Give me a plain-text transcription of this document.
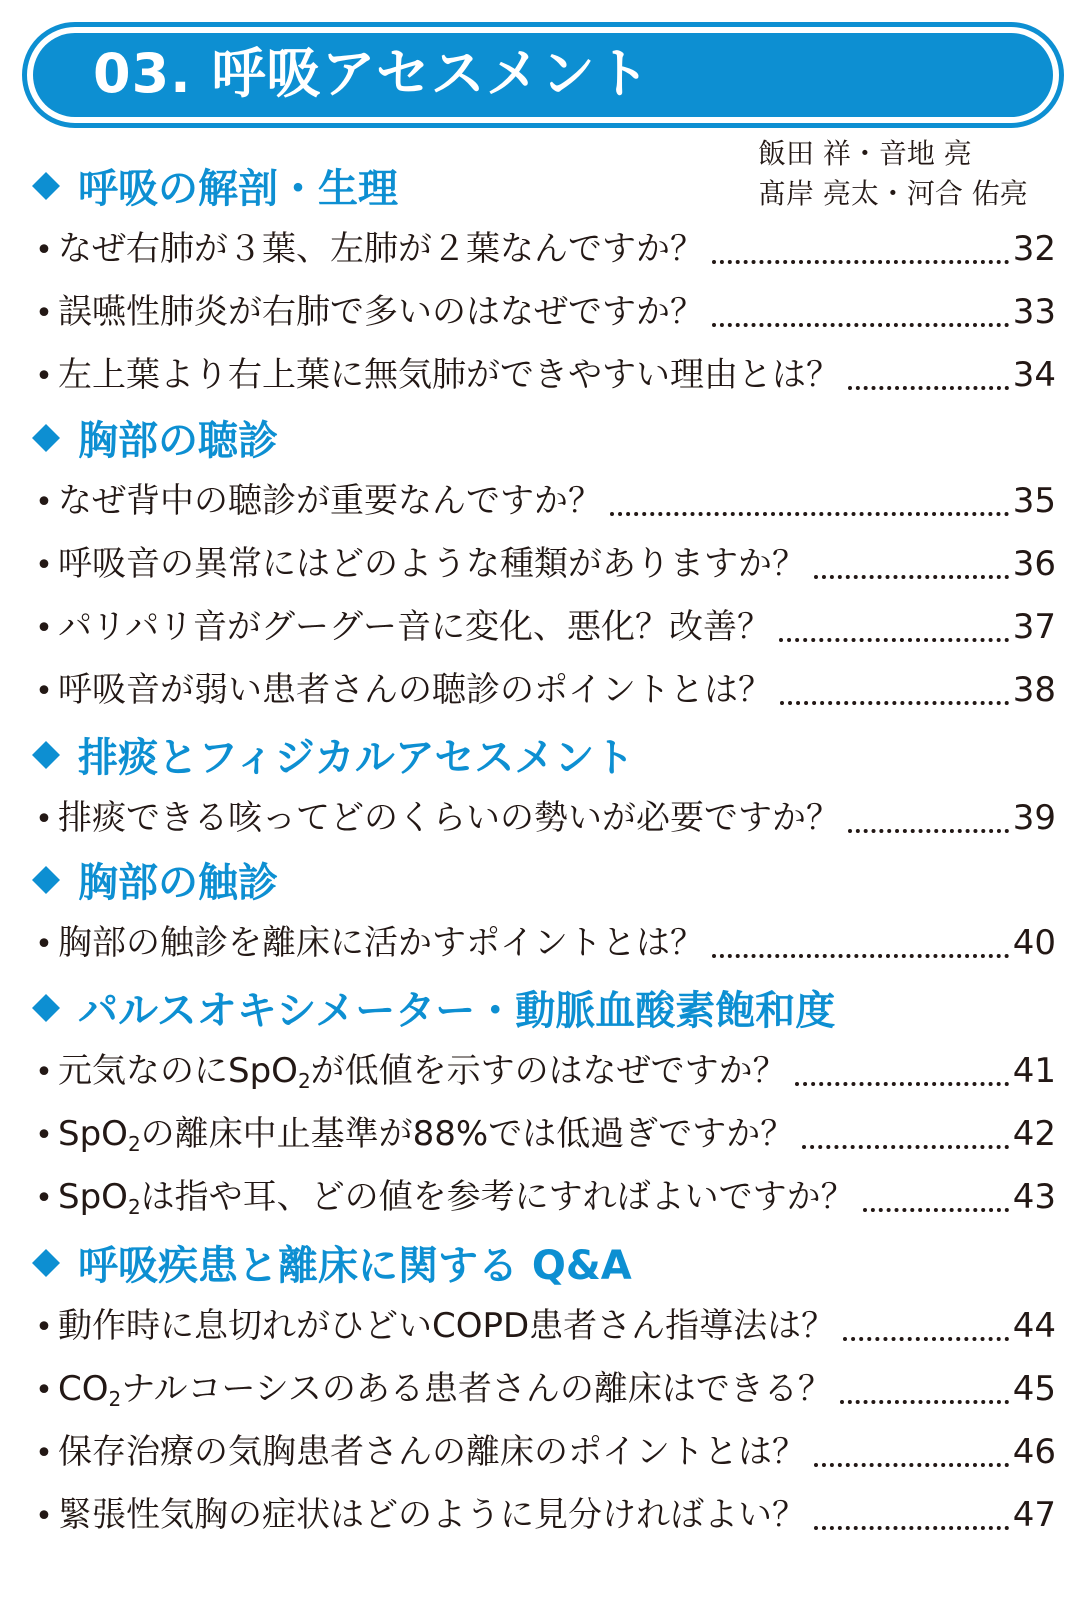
03. 呼吸アセスメント
飯田 祥・音地 亮
髙岸 亮太・河合 佑亮
呼吸の解剖・生理
• なぜ右肺が３葉、左肺が２葉なんですか？	32
• 誤嚥性肺炎が右肺で多いのはなぜですか？	33
• 左上葉より右上葉に無気肺ができやすい理由とは？	34
胸部の聴診
• なぜ背中の聴診が重要なんですか？	35
• 呼吸音の異常にはどのような種類がありますか？	36
• パリパリ音がグーグー音に変化、悪化？改善？	37
• 呼吸音が弱い患者さんの聴診のポイントとは？	38
排痰とフィジカルアセスメント
• 排痰できる咳ってどのくらいの勢いが必要ですか？	39
胸部の触診
• 胸部の触診を離床に活かすポイントとは？	40
パルスオキシメーター・動脈血酸素飽和度
• 元気なのにSpO$_2$が低値を示すのはなぜですか？	41
• SpO$_2$の離床中止基準が88%では低過ぎですか？	42
• SpO$_2$は指や耳、どの値を参考にすればよいですか？	43
呼吸疾患と離床に関する Q&A
• 動作時に息切れがひどいCOPD患者さん指導法は？	44
• $CO_2$ナルコーシスのある患者さんの離床はできる？	45
• 保存治療の気胸患者さんの離床のポイントとは？	46
• 緊張性気胸の症状はどのように見分ければよい？	47
